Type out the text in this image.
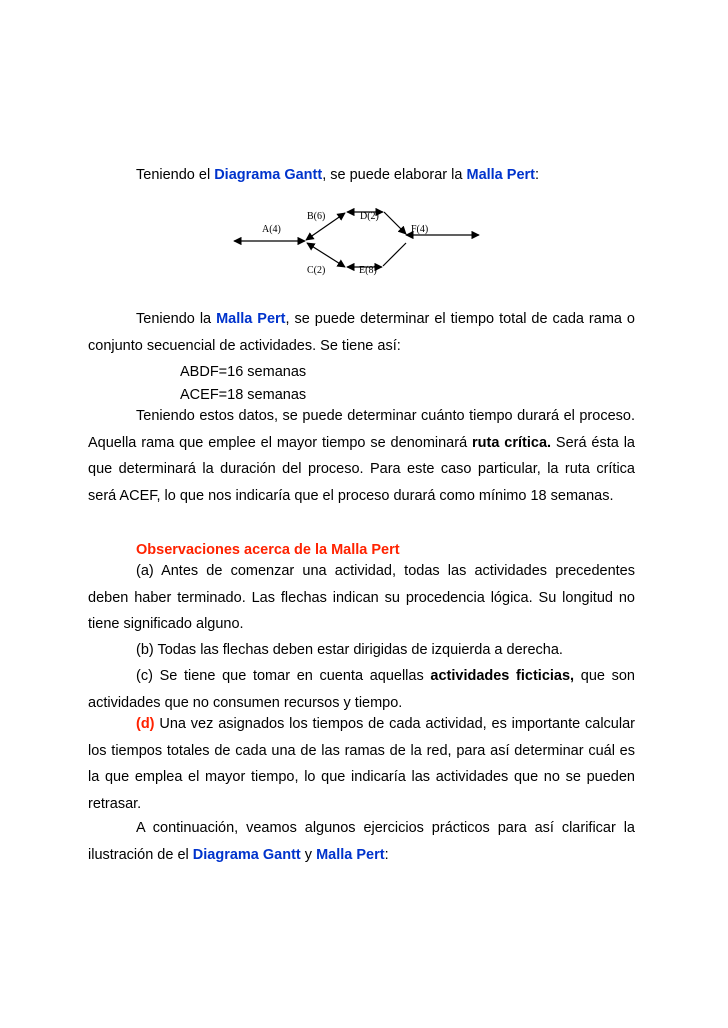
Teniendo el Diagrama Gantt, se puede elaborar la Malla Pert:

A(4)
B(6)	D(2)
F(4)
C(2)	E(8)

Teniendo la Malla Pert, se puede determinar el tiempo total de cada rama o conjunto secuencial de actividades. Se tiene así:

ABDF=16 semanas

ACEF=18 semanas

Teniendo estos datos, se puede determinar cuánto tiempo durará el proceso. Aquella rama que emplee el mayor tiempo se denominará ruta crítica. Será ésta la que determinará la duración del proceso. Para este caso particular, la ruta crítica será ACEF, lo que nos indicaría que el proceso durará como mínimo 18 semanas.

Observaciones acerca de la Malla Pert

(a) Antes de comenzar una actividad, todas las actividades precedentes deben haber terminado. Las flechas indican su procedencia lógica. Su longitud no tiene significado alguno.

(b) Todas las flechas deben estar dirigidas de izquierda a derecha.

(c) Se tiene que tomar en cuenta aquellas actividades ficticias, que son actividades que no consumen recursos y tiempo.

(d) Una vez asignados los tiempos de cada actividad, es importante calcular los tiempos totales de cada una de las ramas de la red, para así determinar cuál es la que emplea el mayor tiempo, lo que indicaría las actividades que no se pueden retrasar.

A continuación, veamos algunos ejercicios prácticos para así clarificar la ilustración de el Diagrama Gantt y Malla Pert:
